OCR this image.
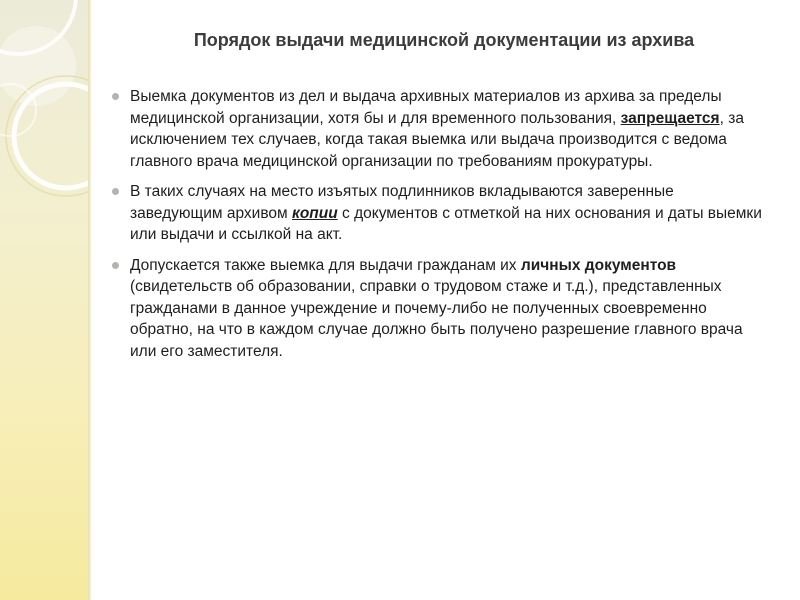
Порядок выдачи медицинской документации из архива
Выемка документов из дел и выдача архивных материалов из архива за пределы медицинской организации, хотя бы и для временного пользования, запрещается, за исключением тех случаев, когда такая выемка или выдача производится с ведома главного врача медицинской организации по требованиям прокуратуры.
В таких случаях на место изъятых подлинников вкладываются заверенные заведующим архивом копии с документов с отметкой на них основания и даты выемки или выдачи и ссылкой на акт.
Допускается также выемка для выдачи гражданам их личных документов (свидетельств об образовании, справки о трудовом стаже и т.д.), представленных гражданами в данное учреждение и почему-либо не полученных своевременно обратно, на что в каждом случае должно быть получено разрешение главного врача или его заместителя.
